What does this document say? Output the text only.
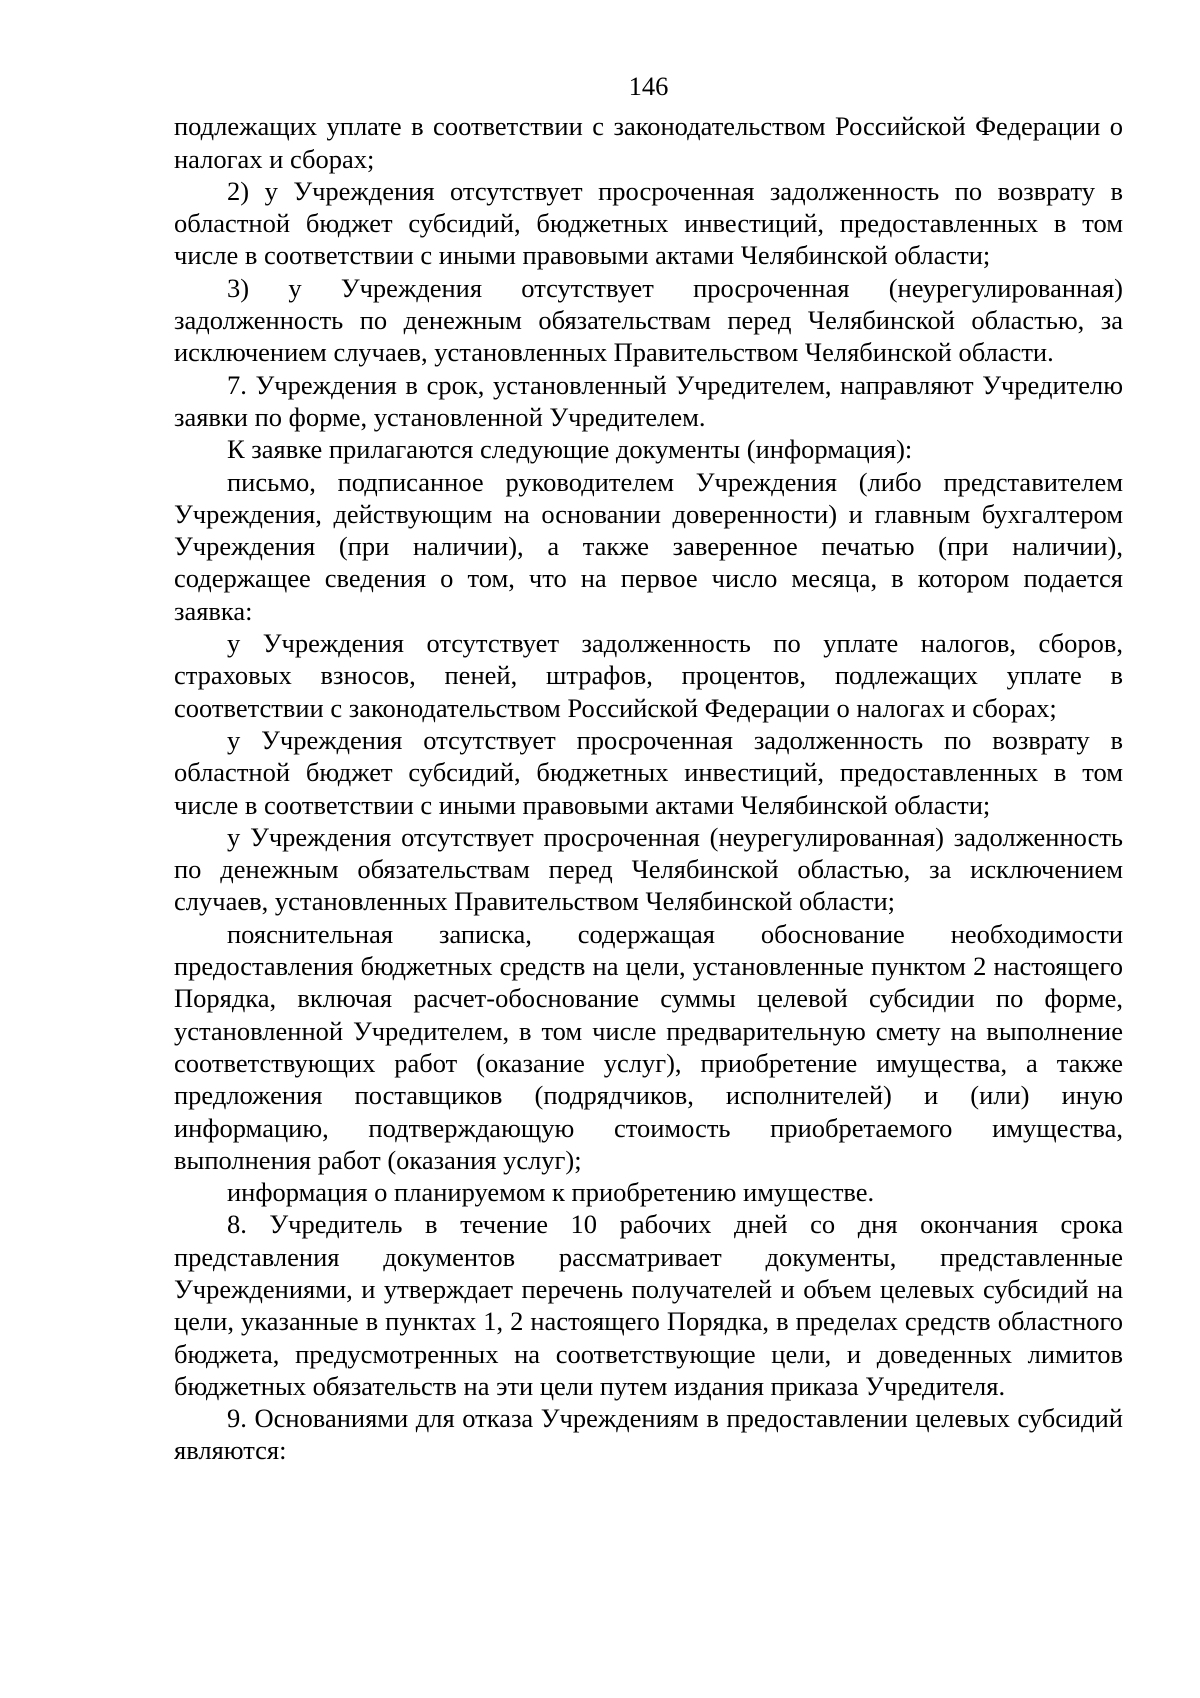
146

подлежащих уплате в соответствии с законодательством Российской Федерации о налогах и сборах;

2) у Учреждения отсутствует просроченная задолженность по возврату в областной бюджет субсидий, бюджетных инвестиций, предоставленных в том числе в соответствии с иными правовыми актами Челябинской области;

3) у Учреждения отсутствует просроченная (неурегулированная) задолженность по денежным обязательствам перед Челябинской областью, за исключением случаев, установленных Правительством Челябинской области.

7. Учреждения в срок, установленный Учредителем, направляют Учредителю заявки по форме, установленной Учредителем.

К заявке прилагаются следующие документы (информация):

письмо, подписанное руководителем Учреждения (либо представителем Учреждения, действующим на основании доверенности) и главным бухгалтером Учреждения (при наличии), а также заверенное печатью (при наличии), содержащее сведения о том, что на первое число месяца, в котором подается заявка:

у Учреждения отсутствует задолженность по уплате налогов, сборов, страховых взносов, пеней, штрафов, процентов, подлежащих уплате в соответствии с законодательством Российской Федерации о налогах и сборах;

у Учреждения отсутствует просроченная задолженность по возврату в областной бюджет субсидий, бюджетных инвестиций, предоставленных в том числе в соответствии с иными правовыми актами Челябинской области;

у Учреждения отсутствует просроченная (неурегулированная) задолженность по денежным обязательствам перед Челябинской областью, за исключением случаев, установленных Правительством Челябинской области;

пояснительная записка, содержащая обоснование необходимости предоставления бюджетных средств на цели, установленные пунктом 2 настоящего Порядка, включая расчет-обоснование суммы целевой субсидии по форме, установленной Учредителем, в том числе предварительную смету на выполнение соответствующих работ (оказание услуг), приобретение имущества, а также предложения поставщиков (подрядчиков, исполнителей) и (или) иную информацию, подтверждающую стоимость приобретаемого имущества, выполнения работ (оказания услуг);

информация о планируемом к приобретению имуществе.

8. Учредитель в течение 10 рабочих дней со дня окончания срока представления документов рассматривает документы, представленные Учреждениями, и утверждает перечень получателей и объем целевых субсидий на цели, указанные в пунктах 1, 2 настоящего Порядка, в пределах средств областного бюджета, предусмотренных на соответствующие цели, и доведенных лимитов бюджетных обязательств на эти цели путем издания приказа Учредителя.

9. Основаниями для отказа Учреждениям в предоставлении целевых субсидий являются:
